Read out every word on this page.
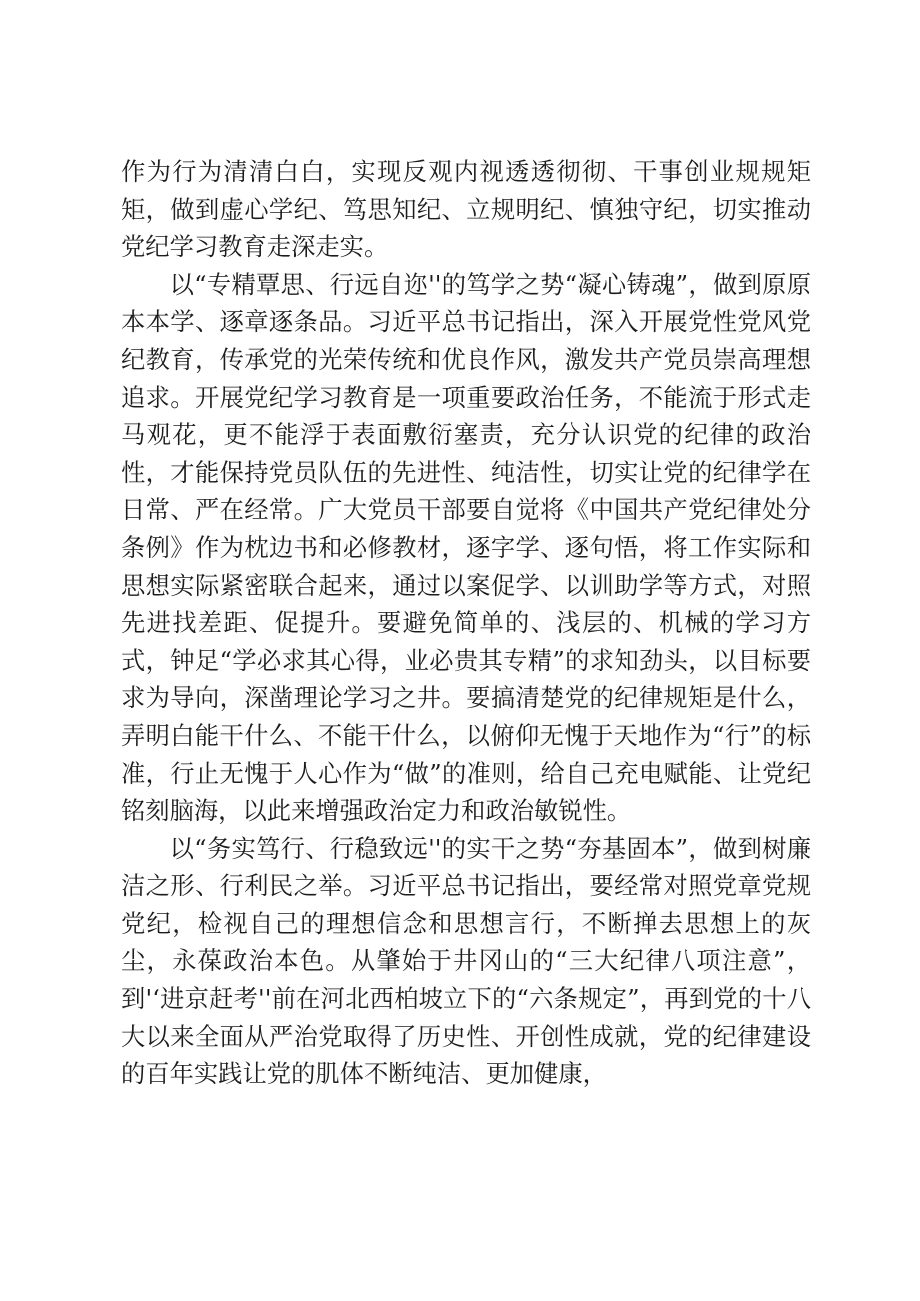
作为行为清清白白，实现反观内视透透彻彻、干事创业规规矩矩，做到虚心学纪、笃思知纪、立规明纪、慎独守纪，切实推动党纪学习教育走深走实。

以“专精覃思、行远自迩''的笃学之势“凝心铸魂”，做到原原本本学、逐章逐条品。习近平总书记指出，深入开展党性党风党纪教育，传承党的光荣传统和优良作风，激发共产党员崇高理想追求。开展党纪学习教育是一项重要政治任务，不能流于形式走马观花，更不能浮于表面敷衍塞责，充分认识党的纪律的政治性，才能保持党员队伍的先进性、纯洁性，切实让党的纪律学在日常、严在经常。广大党员干部要自觉将《中国共产党纪律处分条例》作为枕边书和必修教材，逐字学、逐句悟，将工作实际和思想实际紧密联合起来，通过以案促学、以训助学等方式，对照先进找差距、促提升。要避免简单的、浅层的、机械的学习方式，钟足“学必求其心得，业必贵其专精”的求知劲头，以目标要求为导向，深凿理论学习之井。要搞清楚党的纪律规矩是什么，弄明白能干什么、不能干什么，以俯仰无愧于天地作为“行”的标准，行止无愧于人心作为“做”的准则，给自己充电赋能、让党纪铭刻脑海，以此来增强政治定力和政治敏锐性。

以“务实笃行、行稳致远''的实干之势“夯基固本”，做到树廉洁之形、行利民之举。习近平总书记指出，要经常对照党章党规党纪，检视自己的理想信念和思想言行，不断掸去思想上的灰尘，永葆政治本色。从肇始于井冈山的“三大纪律八项注意”，到'‘进京赶考''前在河北西柏坡立下的“六条规定”，再到党的十八大以来全面从严治党取得了历史性、开创性成就，党的纪律建设的百年实践让党的肌体不断纯洁、更加健康，
